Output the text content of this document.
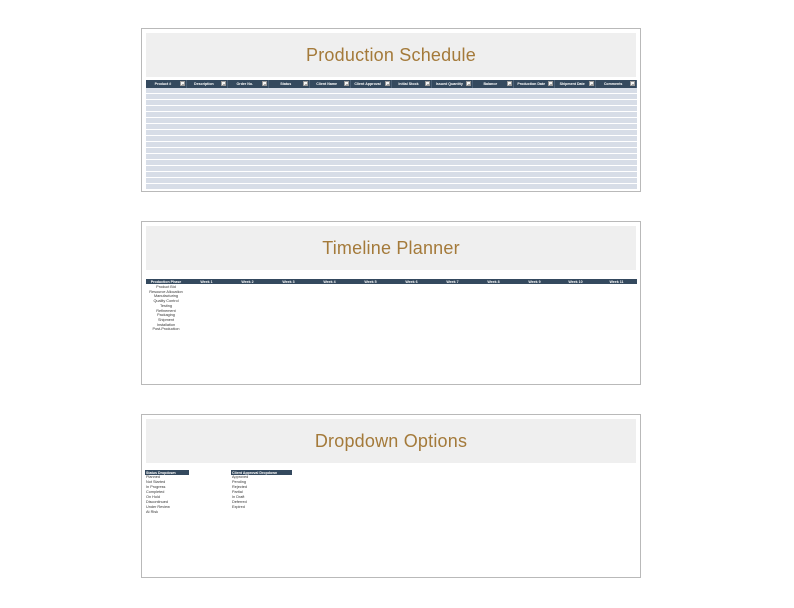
Production Schedule
Product #	Description	Order No.	Status	Client Name	Client Approval	Initial Stock	Issued Quantity	Balance	Production Date	Shipment Date	Comments
Timeline Planner
Production Phase	Week 1	Week 2	Week 3	Week 4	Week 5	Week 6	Week 7	Week 8	Week 9	Week 10	Week 11
Product Bid
Resource Allocation
Manufacturing
Quality Control
Testing
Refinement
Packaging
Shipment
Installation
Post-Production
Dropdown Options
Status Dropdown
Planned
Not Started
In Progress
Completed
On Hold
Discontinued
Under Review
At Risk
Client Approval Dropdown
Approved
Pending
Rejected
Partial
In Draft
Deferred
Expired
